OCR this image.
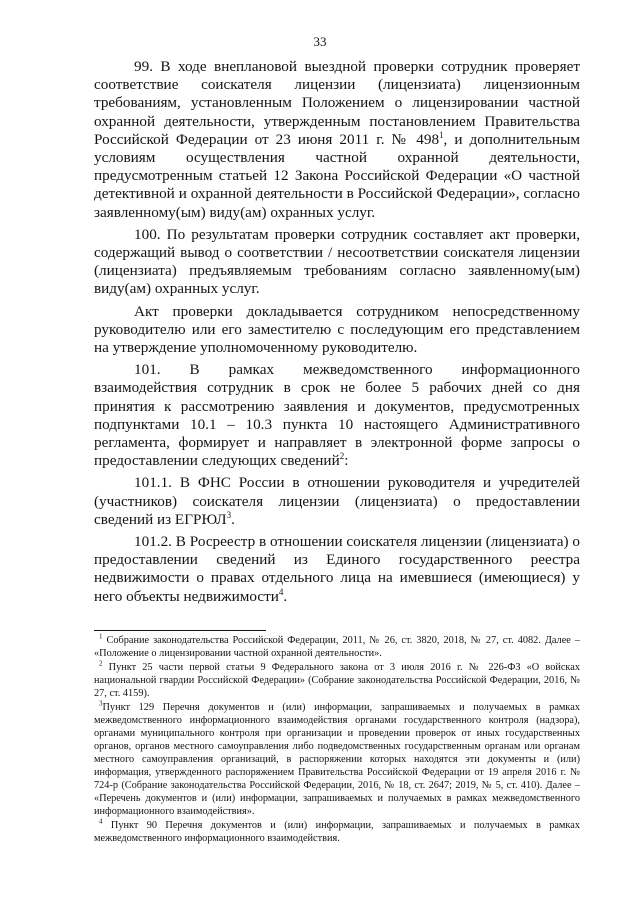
33

99. В ходе внеплановой выездной проверки сотрудник проверяет соответствие соискателя лицензии (лицензиата) лицензионным требованиям, установленным Положением о лицензировании частной охранной деятельности, утвержденным постановлением Правительства Российской Федерации от 23 июня 2011 г. № $498^1$, и дополнительным условиям осуществления частной охранной деятельности, предусмотренным статьей 12 Закона Российской Федерации «О частной детективной и охранной деятельности в Российской Федерации», согласно заявленному(ым) виду(ам) охранных услуг.

100. По результатам проверки сотрудник составляет акт проверки, содержащий вывод о соответствии / несоответствии соискателя лицензии (лицензиата) предъявляемым требованиям согласно заявленному(ым) виду(ам) охранных услуг.

Акт проверки докладывается сотрудником непосредственному руководителю или его заместителю с последующим его представлением на утверждение уполномоченному руководителю.

101. В рамках межведомственного информационного взаимодействия сотрудник в срок не более 5 рабочих дней со дня принятия к рассмотрению заявления и документов, предусмотренных подпунктами 10.1 – 10.3 пункта 10 настоящего Административного регламента, формирует и направляет в электронной форме запросы о предоставлении следующих сведений$^2$:

101.1. В ФНС России в отношении руководителя и учредителей (участников) соискателя лицензии (лицензиата) о предоставлении сведений из ЕГРЮЛ$^3$.

101.2. В Росреестр в отношении соискателя лицензии (лицензиата) о предоставлении сведений из Единого государственного реестра недвижимости о правах отдельного лица на имевшиеся (имеющиеся) у него объекты недвижимости$^4$.

$^1$ Собрание законодательства Российской Федерации, 2011, № 26, ст. 3820, 2018, № 27, ст. 4082. Далее – «Положение о лицензировании частной охранной деятельности».

$^2$ Пункт 25 части первой статьи 9 Федерального закона от 3 июля 2016 г. № 226-ФЗ «О войсках национальной гвардии Российской Федерации» (Собрание законодательства Российской Федерации, 2016, № 27, ст. 4159).

$^3$Пункт 129 Перечня документов и (или) информации, запрашиваемых и получаемых в рамках межведомственного информационного взаимодействия органами государственного контроля (надзора), органами муниципального контроля при организации и проведении проверок от иных государственных органов, органов местного самоуправления либо подведомственных государственным органам или органам местного самоуправления организаций, в распоряжении которых находятся эти документы и (или) информация, утвержденного распоряжением Правительства Российской Федерации от 19 апреля 2016 г. № 724-р (Собрание законодательства Российской Федерации, 2016, № 18, ст. 2647; 2019, № 5, ст. 410). Далее – «Перечень документов и (или) информации, запрашиваемых и получаемых в рамках межведомственного информационного взаимодействия».

$^4$ Пункт 90 Перечня документов и (или) информации, запрашиваемых и получаемых в рамках межведомственного информационного взаимодействия.
